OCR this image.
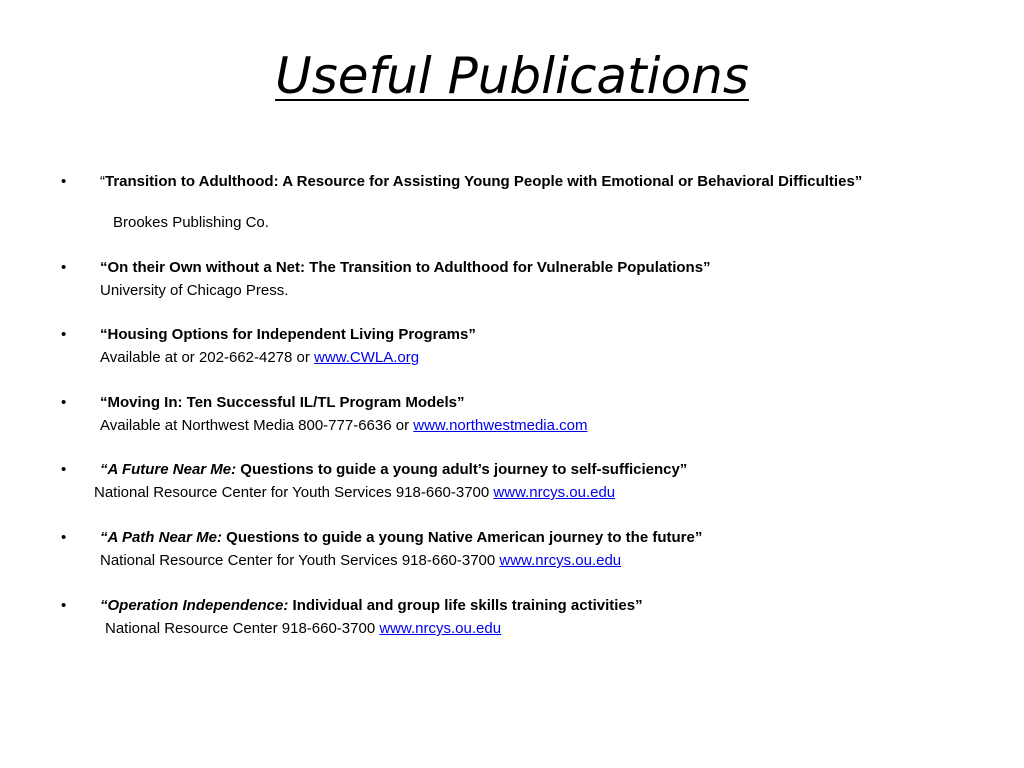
Useful Publications
• “Transition to Adulthood: A Resource for Assisting Young People with Emotional or Behavioral Difficulties”
Brookes Publishing Co.
• “On their Own without a Net: The Transition to Adulthood for Vulnerable Populations”
University of Chicago Press.
• “Housing Options for Independent Living Programs”
Available at or 202-662-4278 or www.CWLA.org
• “Moving In: Ten Successful IL/TL Program Models”
Available at Northwest Media 800-777-6636 or www.northwestmedia.com
• “A Future Near Me: Questions to guide a young adult’s journey to self-sufficiency”
National Resource Center for Youth Services 918-660-3700 www.nrcys.ou.edu
• “A Path Near Me: Questions to guide a young Native American journey to the future”
National Resource Center for Youth Services 918-660-3700 www.nrcys.ou.edu
• “Operation Independence: Individual and group life skills training activities”
National Resource Center 918-660-3700 www.nrcys.ou.edu
